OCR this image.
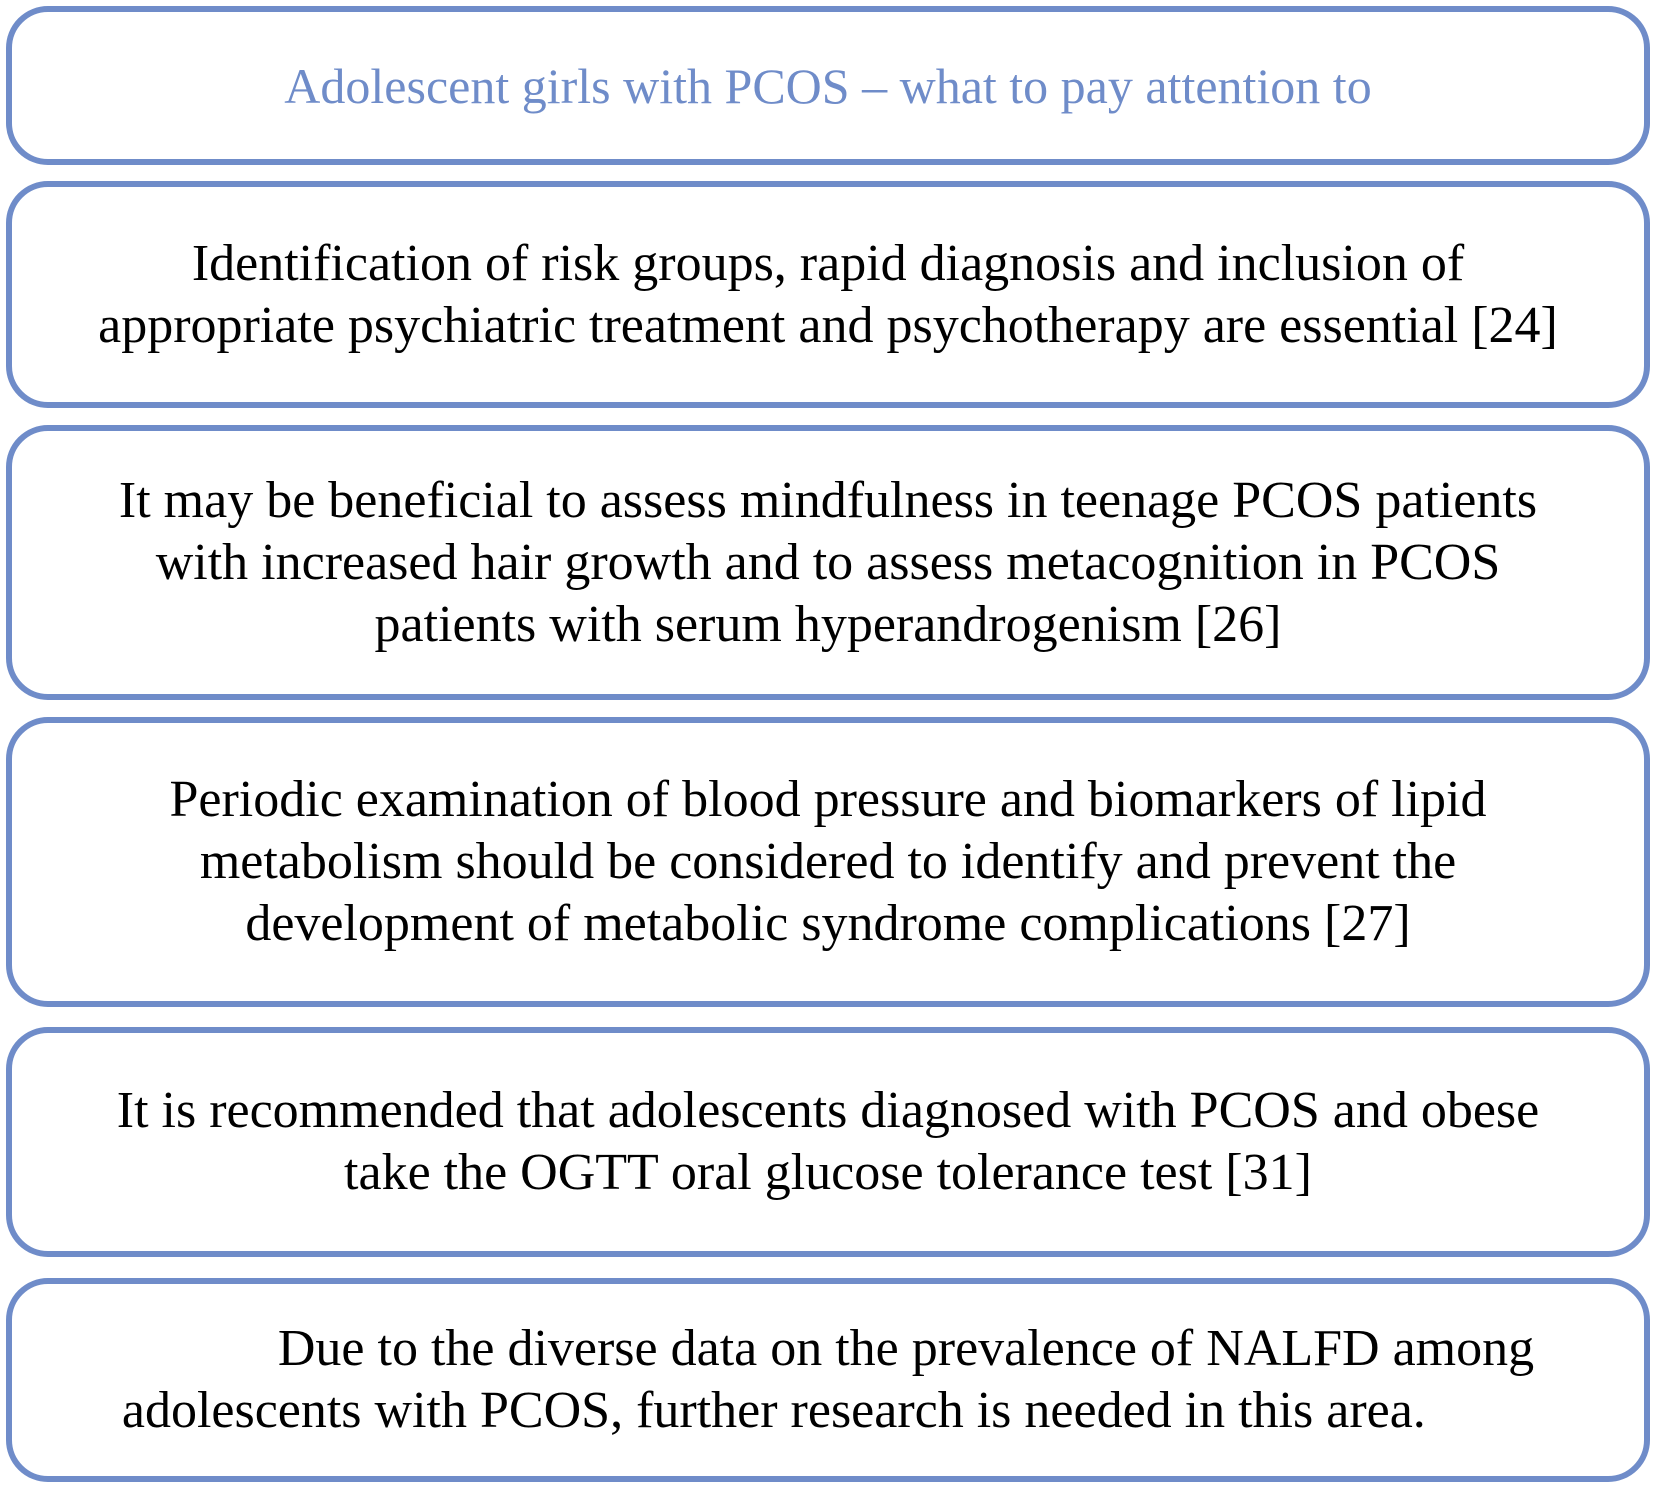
Adolescent girls with PCOS – what to pay attention to
Identification of risk groups, rapid diagnosis and inclusion of
appropriate psychiatric treatment and psychotherapy are essential [24]
It may be beneficial to assess mindfulness in teenage PCOS patients
with increased hair growth and to assess metacognition in PCOS
patients with serum hyperandrogenism [26]
Periodic examination of blood pressure and biomarkers of lipid
metabolism should be considered to identify and prevent the
development of metabolic syndrome complications [27]
It is recommended that adolescents diagnosed with PCOS and obese
take the OGTT oral glucose tolerance test [31]
Due to the diverse data on the prevalence of NALFD among
adolescents with PCOS, further research is needed in this area.
